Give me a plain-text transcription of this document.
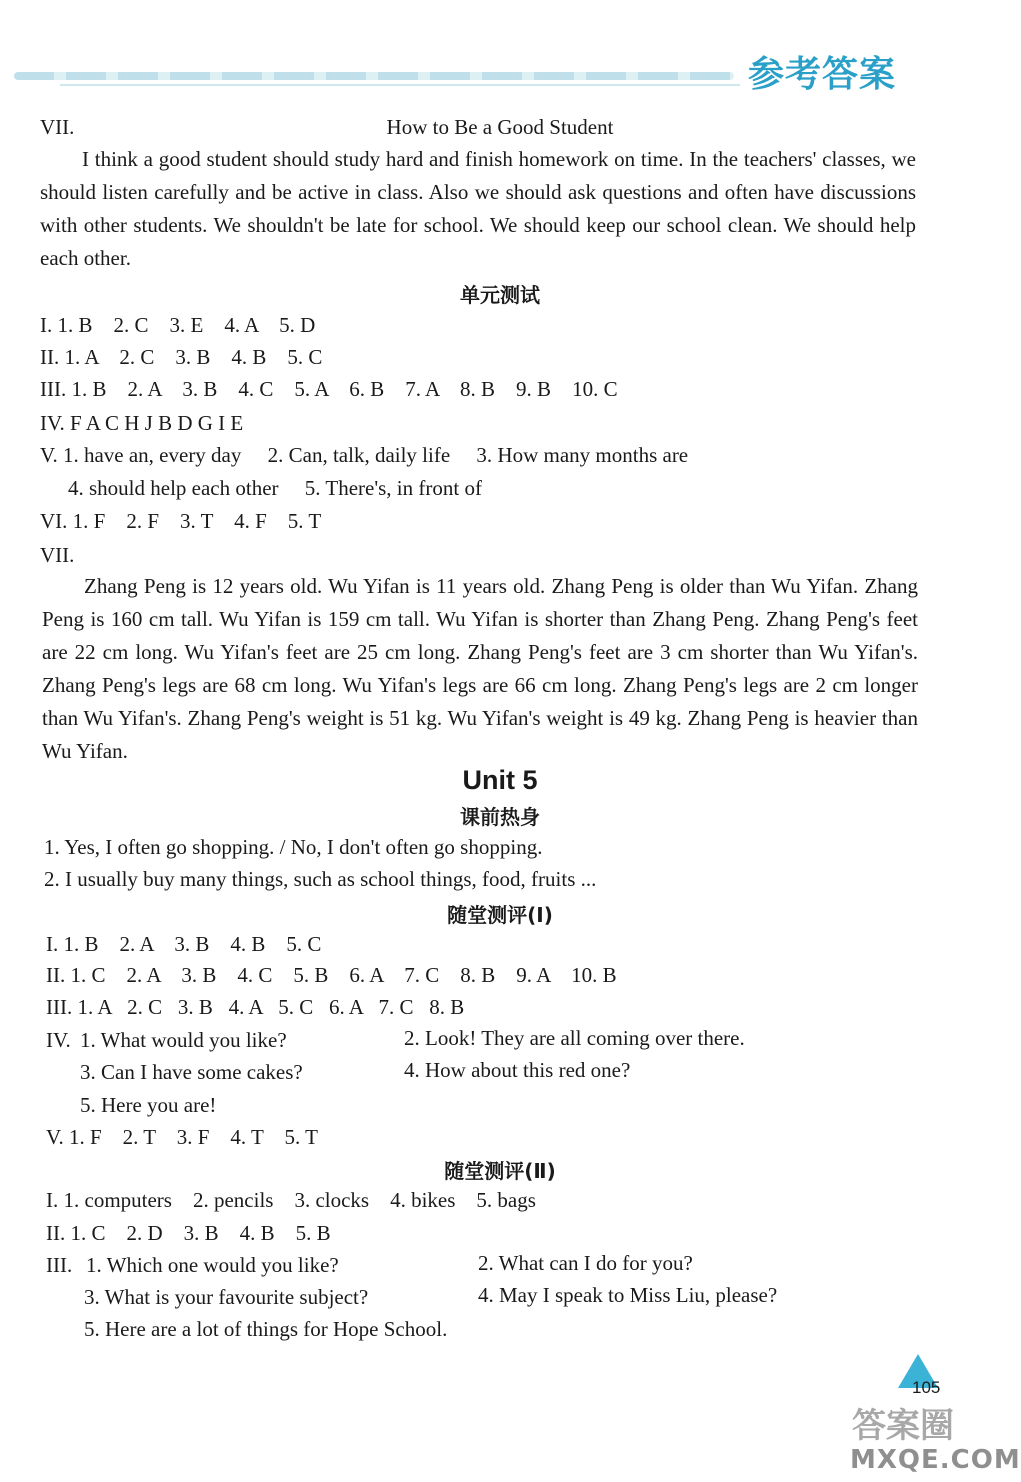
参考答案
VII.	How to Be a Good Student
I think a good student should study hard and finish homework on time. In the teachers' classes, we should listen carefully and be active in class. Also we should ask questions and often have discussions with other students. We shouldn't be late for school. We should keep our school clean. We should help each other.
单元测试
I. 1. B    2. C    3. E    4. A    5. D
II. 1. A    2. C    3. B    4. B    5. C
III. 1. B    2. A    3. B    4. C    5. A    6. B    7. A    8. B    9. B    10. C
IV. F A C H J B D G I E
V. 1. have an, every day     2. Can, talk, daily life     3. How many months are
4. should help each other     5. There's, in front of
VI. 1. F    2. F    3. T    4. F    5. T
VII.
Zhang Peng is 12 years old. Wu Yifan is 11 years old. Zhang Peng is older than Wu Yifan. Zhang Peng is 160 cm tall. Wu Yifan is 159 cm tall. Wu Yifan is shorter than Zhang Peng. Zhang Peng's feet are 22 cm long. Wu Yifan's feet are 25 cm long. Zhang Peng's feet are 3 cm shorter than Wu Yifan's. Zhang Peng's legs are 68 cm long. Wu Yifan's legs are 66 cm long. Zhang Peng's legs are 2 cm longer than Wu Yifan's. Zhang Peng's weight is 51 kg. Wu Yifan's weight is 49 kg. Zhang Peng is heavier than Wu Yifan.
Unit 5
课前热身
1. Yes, I often go shopping. / No, I don't often go shopping.
2. I usually buy many things, such as school things, food, fruits ...
随堂测评(Ⅰ)
I. 1. B    2. A    3. B    4. B    5. C
II. 1. C    2. A    3. B    4. C    5. B    6. A    7. C    8. B    9. A    10. B
III. 1. A   2. C   3. B   4. A   5. C   6. A   7. C   8. B
IV. 1. What would you like?	2. Look! They are all coming over there.
3. Can I have some cakes?	4. How about this red one?
5. Here you are!
V. 1. F    2. T    3. F    4. T    5. T
随堂测评(Ⅱ)
I. 1. computers    2. pencils    3. clocks    4. bikes    5. bags
II. 1. C    2. D    3. B    4. B    5. B
III. 1. Which one would you like?	2. What can I do for you?
3. What is your favourite subject?	4. May I speak to Miss Liu, please?
5. Here are a lot of things for Hope School.
105
答案圈
MXQE.COM
